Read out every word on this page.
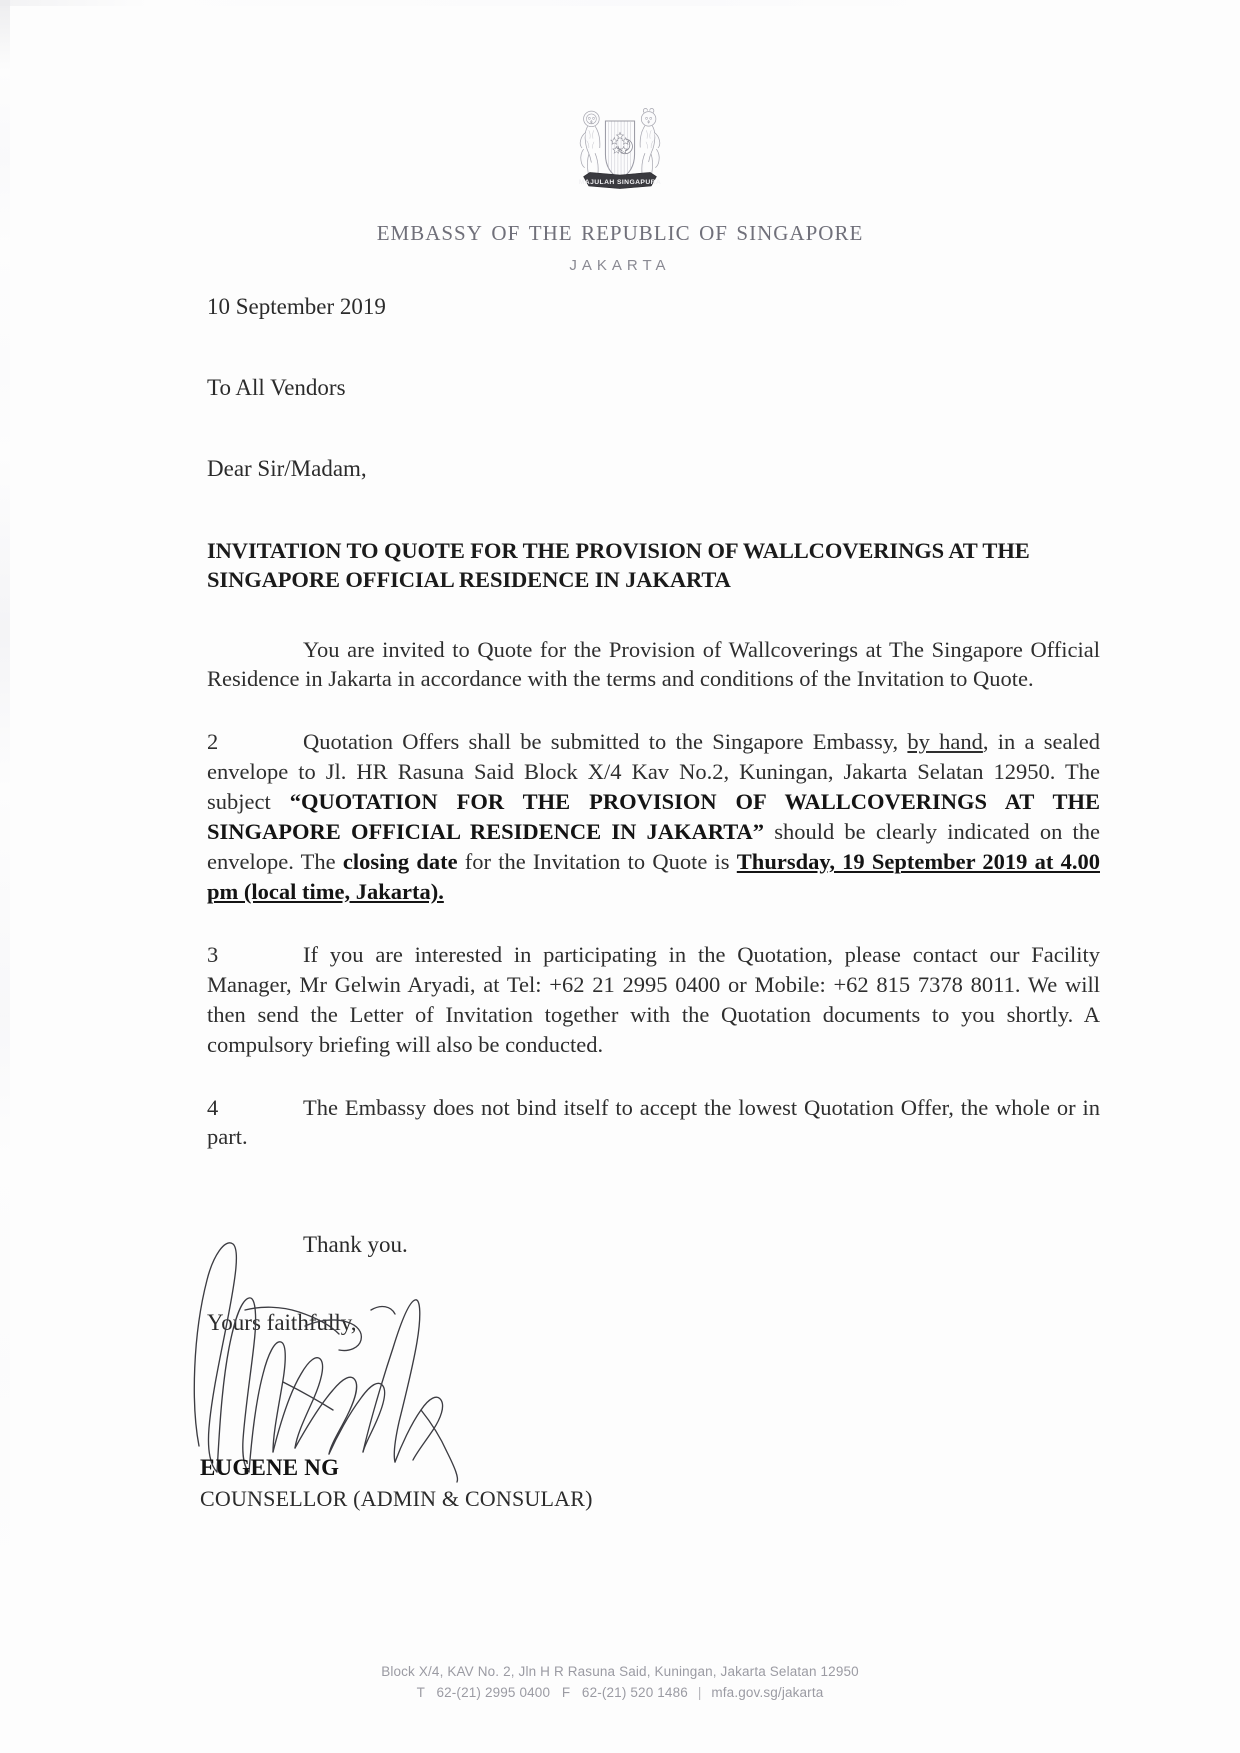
MAJULAH SINGAPURA
embassy of the republic of singapore
JAKARTA
10 September 2019
To All Vendors
Dear Sir/Madam,
INVITATION TO QUOTE FOR THE PROVISION OF WALLCOVERINGS AT THE SINGAPORE OFFICIAL RESIDENCE IN JAKARTA
You are invited to Quote for the Provision of Wallcoverings at The Singapore Official Residence in Jakarta in accordance with the terms and conditions of the Invitation to Quote.
2	Quotation Offers shall be submitted to the Singapore Embassy, by hand, in a sealed envelope to Jl. HR Rasuna Said Block X/4 Kav No.2, Kuningan, Jakarta Selatan 12950. The subject “QUOTATION FOR THE PROVISION OF WALLCOVERINGS AT THE SINGAPORE OFFICIAL RESIDENCE IN JAKARTA” should be clearly indicated on the envelope. The closing date for the Invitation to Quote is Thursday, 19 September 2019 at 4.00 pm (local time, Jakarta).
3	If you are interested in participating in the Quotation, please contact our Facility Manager, Mr Gelwin Aryadi, at Tel: +62 21 2995 0400 or Mobile: +62 815 7378 8011. We will then send the Letter of Invitation together with the Quotation documents to you shortly. A compulsory briefing will also be conducted.
4	The Embassy does not bind itself to accept the lowest Quotation Offer, the whole or in part.
Thank you.
Yours faithfully,
EUGENE NG
COUNSELLOR (ADMIN & CONSULAR)
Block X/4, KAV No. 2, Jln H R Rasuna Said, Kuningan, Jakarta Selatan 12950
T 62-(21) 2995 0400 F 62-(21) 520 1486 | mfa.gov.sg/jakarta
